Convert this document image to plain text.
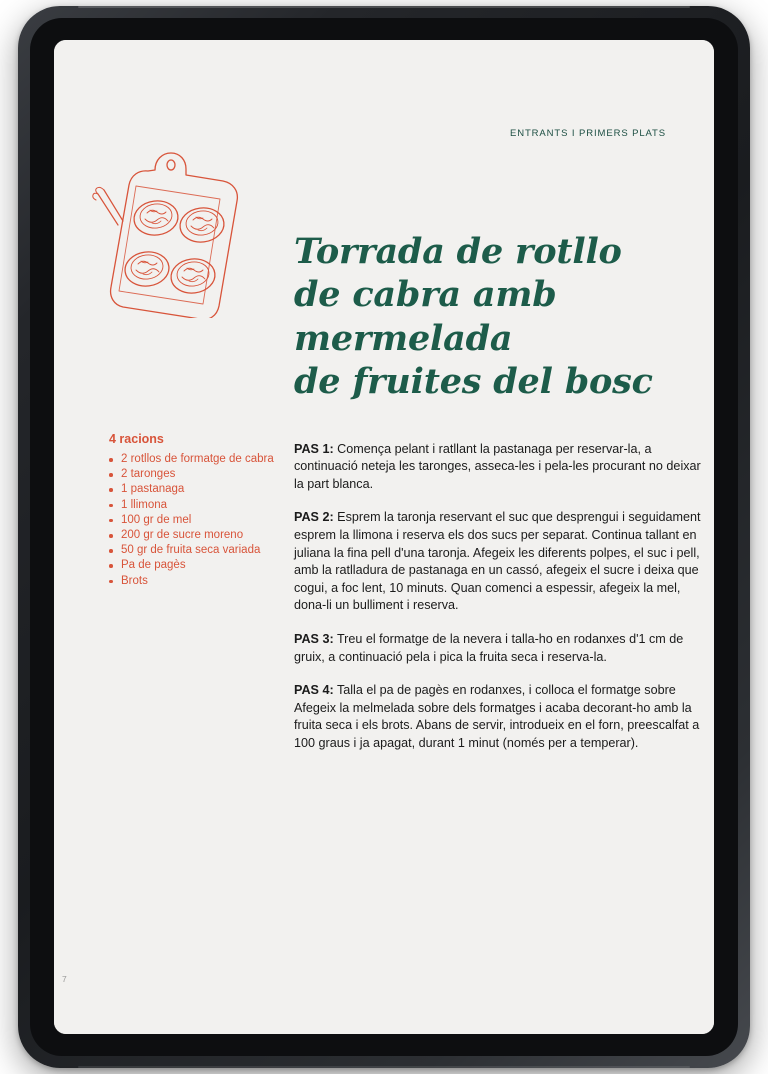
ENTRANTS I PRIMERS PLATS
Torrada de rotllo
de cabra amb mermelada
de fruites del bosc
4 racions
2 rotllos de formatge de cabra
2 taronges
1 pastanaga
1 llimona
100 gr de mel
200 gr de sucre moreno
50 gr de fruita seca variada
Pa de pagès
Brots

PAS 1: Comença pelant i ratllant la pastanaga per reservar-la, a continuació neteja les taronges, asseca-les i pela-les procurant no deixar la part blanca.

PAS 2: Esprem la taronja reservant el suc que desprengui i seguidament esprem la llimona i reserva els dos sucs per separat. Continua tallant en juliana la fina pell d'una taronja. Afegeix les diferents polpes, el suc i pell, amb la ratlladura de pastanaga en un cassó, afegeix el sucre i deixa que cogui, a foc lent, 10 minuts. Quan comenci a espessir, afegeix la mel, dona-li un bulliment i reserva.

PAS 3: Treu el formatge de la nevera i talla-ho en rodanxes d'1 cm de gruix, a continuació pela i pica la fruita seca i reserva-la.

PAS 4: Talla el pa de pagès en rodanxes, i colloca el formatge sobre Afegeix la melmelada sobre dels formatges i acaba decorant-ho amb la fruita seca i els brots. Abans de servir, introdueix en el forn, preescalfat a 100 graus i ja apagat, durant 1 minut (només per a temperar).

7
